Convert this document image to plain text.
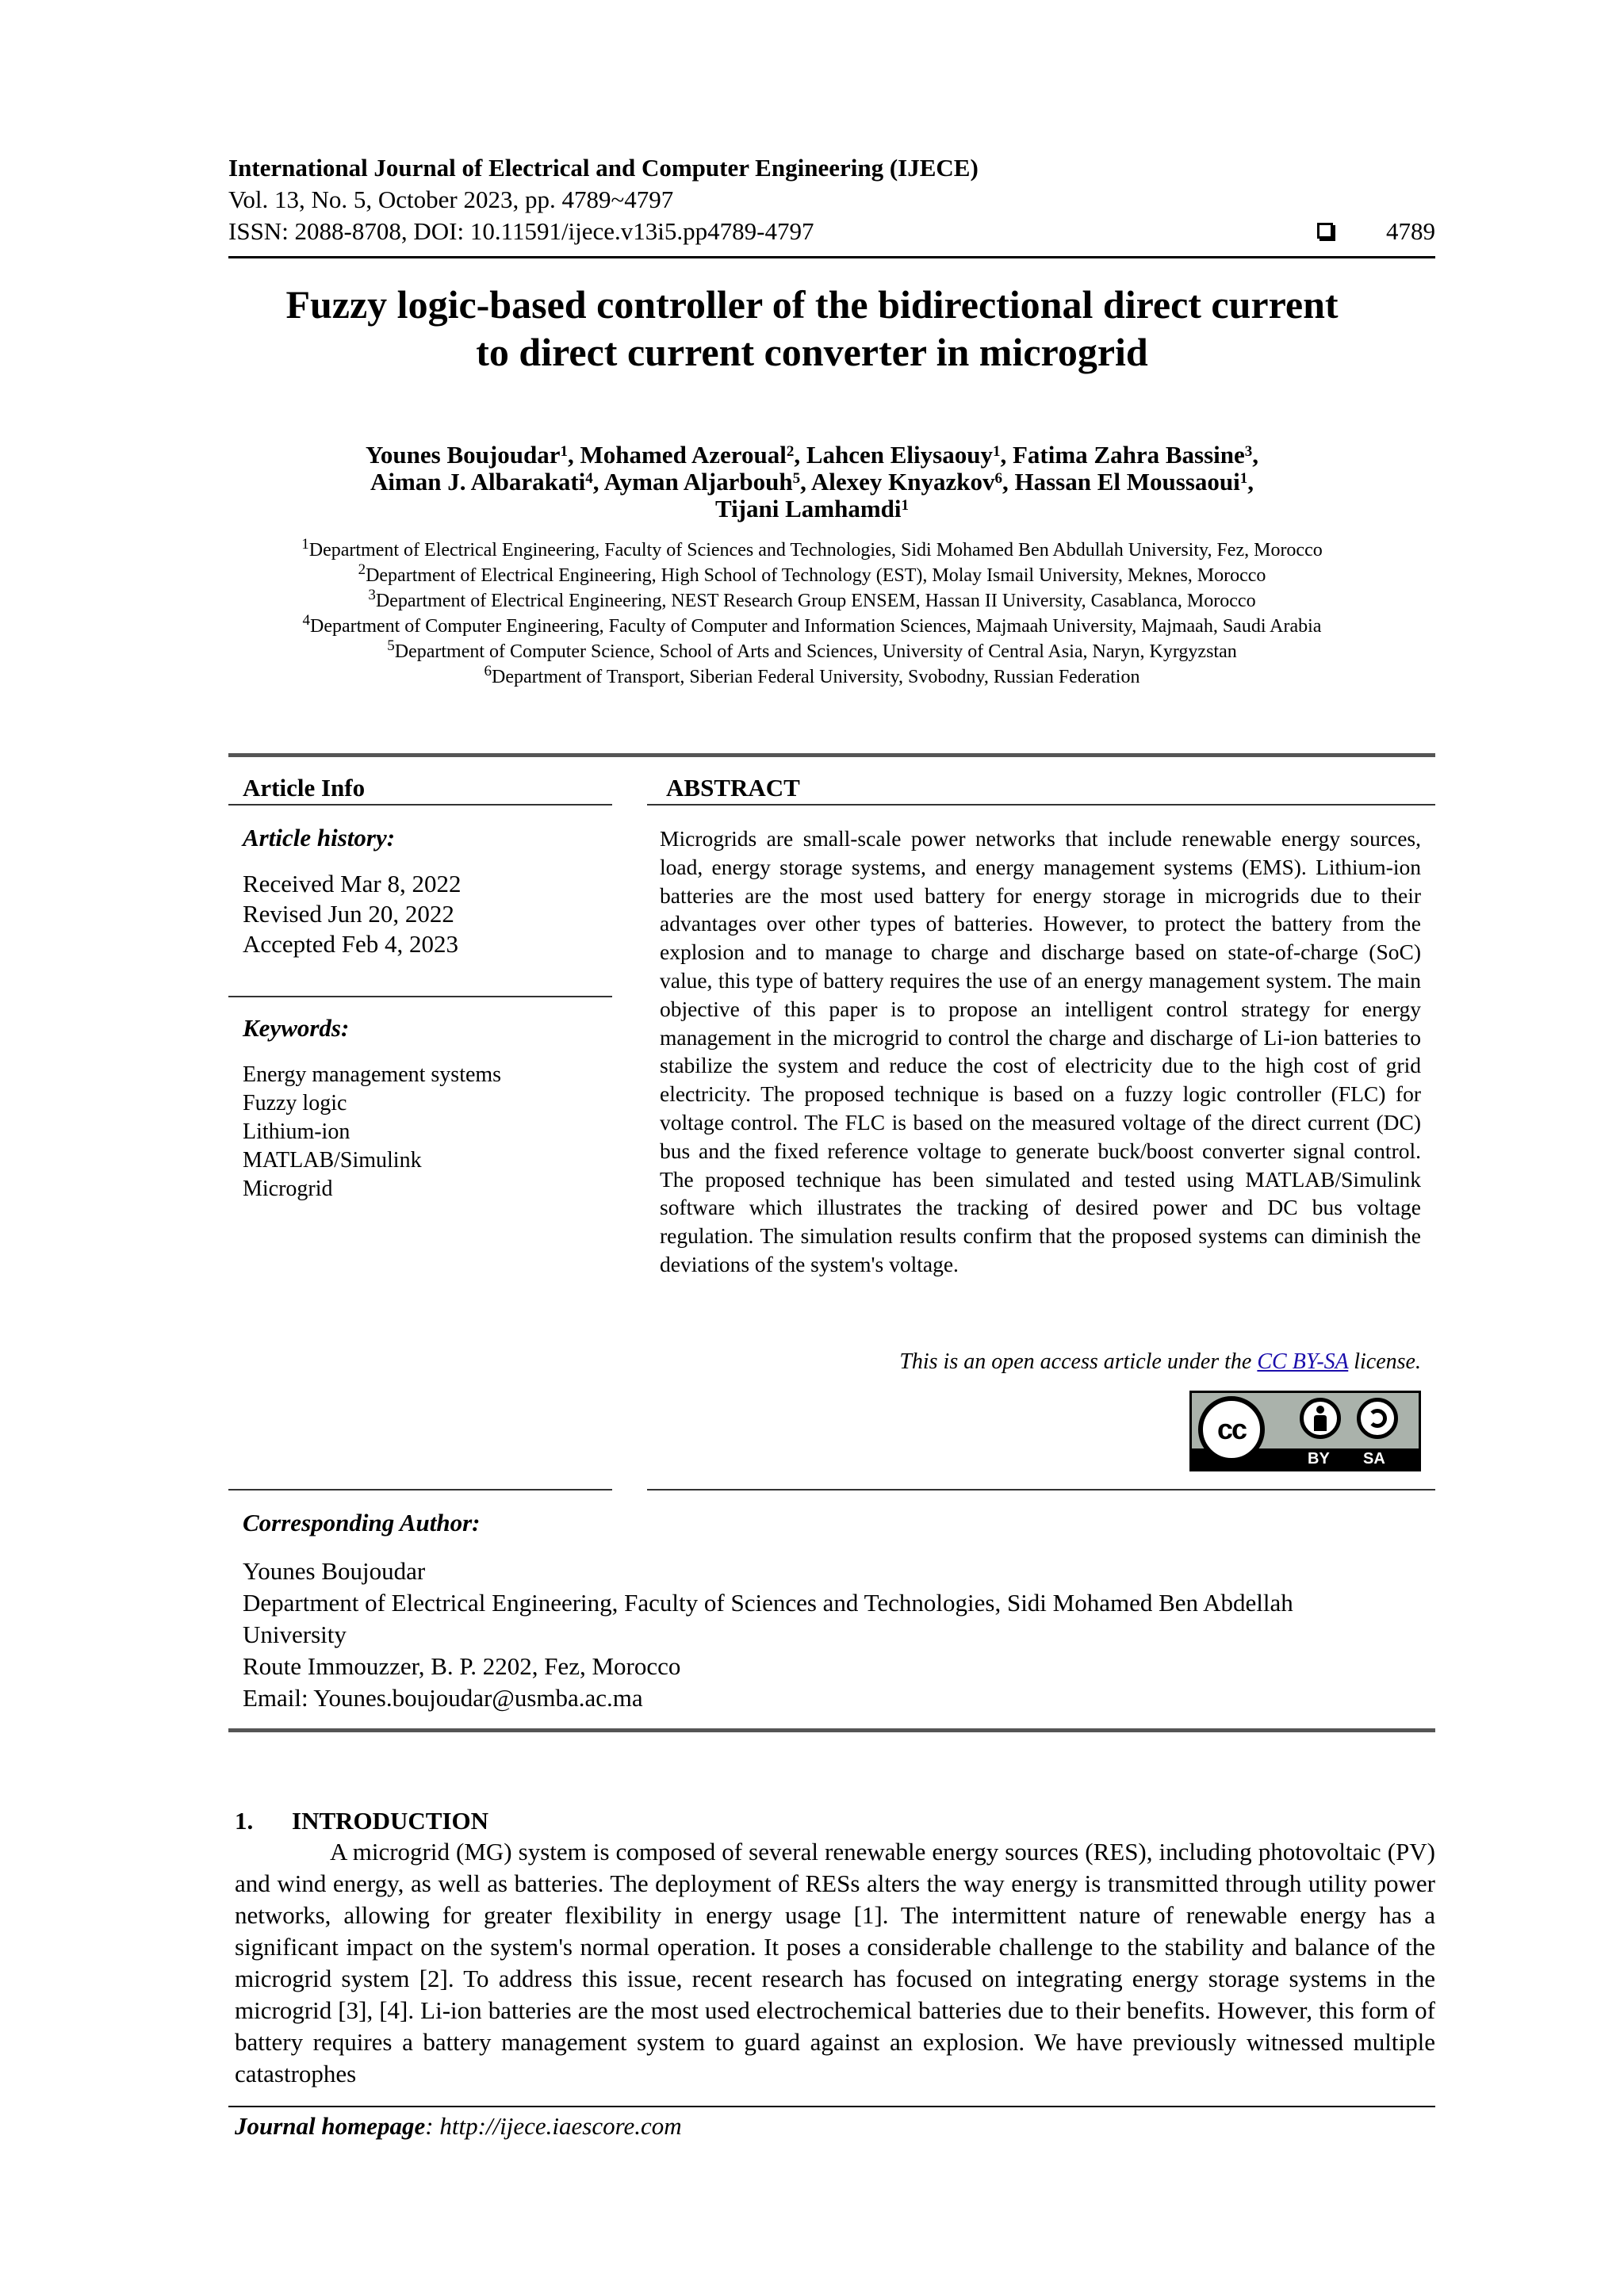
International Journal of Electrical and Computer Engineering (IJECE)
Vol. 13, No. 5, October 2023, pp. 4789~4797
ISSN: 2088-8708, DOI: 10.11591/ijece.v13i5.pp4789-4797	4789
Fuzzy logic-based controller of the bidirectional direct current
to direct current converter in microgrid
Younes Boujoudar$^1$, Mohamed Azeroual$^2$, Lahcen Eliysaouy$^1$, Fatima Zahra Bassine$^3$,
Aiman J. Albarakati$^4$, Ayman Aljarbouh$^5$, Alexey Knyazkov$^6$, Hassan El Moussaoui$^1$,
Tijani Lamhamdi$^1$
$^1$Department of Electrical Engineering, Faculty of Sciences and Technologies, Sidi Mohamed Ben Abdullah University, Fez, Morocco
$^2$Department of Electrical Engineering, High School of Technology (EST), Molay Ismail University, Meknes, Morocco
$^3$Department of Electrical Engineering, NEST Research Group ENSEM, Hassan II University, Casablanca, Morocco
$^4$Department of Computer Engineering, Faculty of Computer and Information Sciences, Majmaah University, Majmaah, Saudi Arabia
$^5$Department of Computer Science, School of Arts and Sciences, University of Central Asia, Naryn, Kyrgyzstan
$^6$Department of Transport, Siberian Federal University, Svobodny, Russian Federation
Article Info
Article history:
Received Mar 8, 2022
Revised Jun 20, 2022
Accepted Feb 4, 2023
Keywords:
Energy management systems
Fuzzy logic
Lithium-ion
MATLAB/Simulink
Microgrid
ABSTRACT
Microgrids are small-scale power networks that include renewable energy sources, load, energy storage systems, and energy management systems (EMS). Lithium-ion batteries are the most used battery for energy storage in microgrids due to their advantages over other types of batteries. However, to protect the battery from the explosion and to manage to charge and discharge based on state-of-charge (SoC) value, this type of battery requires the use of an energy management system. The main objective of this paper is to propose an intelligent control strategy for energy management in the microgrid to control the charge and discharge of Li-ion batteries to stabilize the system and reduce the cost of electricity due to the high cost of grid electricity. The proposed technique is based on a fuzzy logic controller (FLC) for voltage control. The FLC is based on the measured voltage of the direct current (DC) bus and the fixed reference voltage to generate buck/boost converter signal control. The proposed technique has been simulated and tested using MATLAB/Simulink software which illustrates the tracking of desired power and DC bus voltage regulation. The simulation results confirm that the proposed systems can diminish the deviations of the system's voltage.
This is an open access article under the CC BY-SA license.
cc
BY SA
Corresponding Author:
Younes Boujoudar
Department of Electrical Engineering, Faculty of Sciences and Technologies, Sidi Mohamed Ben Abdellah
University
Route Immouzzer, B. P. 2202, Fez, Morocco
Email: Younes.boujoudar@usmba.ac.ma
1. INTRODUCTION
A microgrid (MG) system is composed of several renewable energy sources (RES), including photovoltaic (PV) and wind energy, as well as batteries. The deployment of RESs alters the way energy is transmitted through utility power networks, allowing for greater flexibility in energy usage [1]. The intermittent nature of renewable energy has a significant impact on the system's normal operation. It poses a considerable challenge to the stability and balance of the microgrid system [2]. To address this issue, recent research has focused on integrating energy storage systems in the microgrid [3], [4]. Li-ion batteries are the most used electrochemical batteries due to their benefits. However, this form of battery requires a battery management system to guard against an explosion. We have previously witnessed multiple catastrophes
Journal homepage: http://ijece.iaescore.com
